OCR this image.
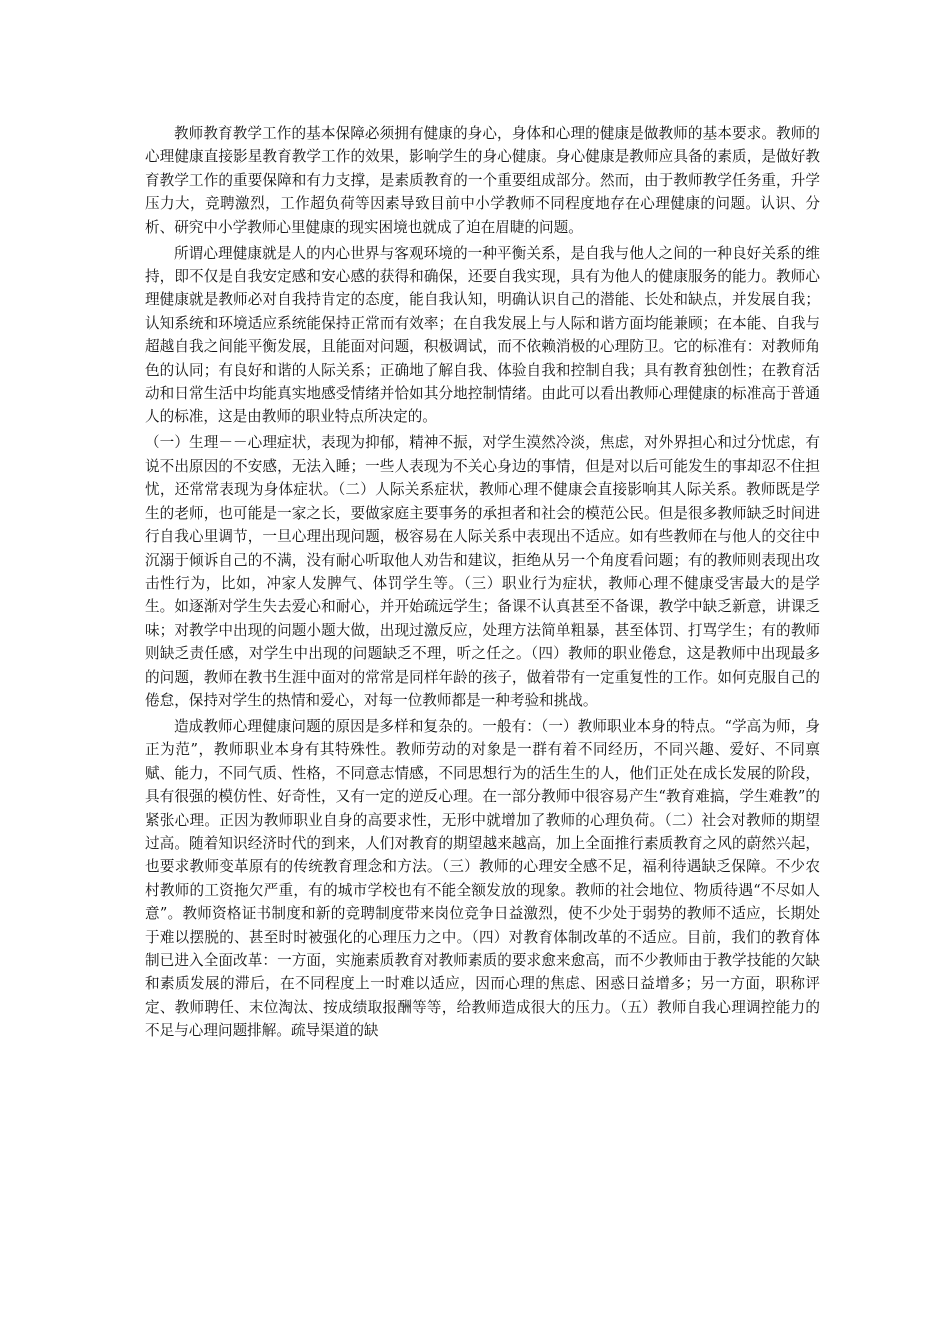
教师教育教学工作的基本保障必须拥有健康的身心，身体和心理的健康是做教师的基本要求。教师的心理健康直接影星教育教学工作的效果，影响学生的身心健康。身心健康是教师应具备的素质，是做好教育教学工作的重要保障和有力支撑，是素质教育的一个重要组成部分。然而，由于教师教学任务重，升学压力大，竞聘激烈，工作超负荷等因素导致目前中小学教师不同程度地存在心理健康的问题。认识、分析、研究中小学教师心里健康的现实困境也就成了迫在眉睫的问题。

所谓心理健康就是人的内心世界与客观环境的一种平衡关系，是自我与他人之间的一种良好关系的维持，即不仅是自我安定感和安心感的获得和确保，还要自我实现，具有为他人的健康服务的能力。教师心理健康就是教师必对自我持肯定的态度，能自我认知，明确认识自己的潜能、长处和缺点，并发展自我；认知系统和环境适应系统能保持正常而有效率；在自我发展上与人际和谐方面均能兼顾；在本能、自我与超越自我之间能平衡发展，且能面对问题，积极调试，而不依赖消极的心理防卫。它的标准有：对教师角色的认同；有良好和谐的人际关系；正确地了解自我、体验自我和控制自我；具有教育独创性；在教育活动和日常生活中均能真实地感受情绪并恰如其分地控制情绪。由此可以看出教师心理健康的标准高于普通人的标准，这是由教师的职业特点所决定的。

（一）生理－－心理症状，表现为抑郁，精神不振，对学生漠然冷淡，焦虑，对外界担心和过分忧虑，有说不出原因的不安感，无法入睡；一些人表现为不关心身边的事情，但是对以后可能发生的事却忍不住担忧，还常常表现为身体症状。（二）人际关系症状，教师心理不健康会直接影响其人际关系。教师既是学生的老师，也可能是一家之长，要做家庭主要事务的承担者和社会的模范公民。但是很多教师缺乏时间进行自我心里调节，一旦心理出现问题，极容易在人际关系中表现出不适应。如有些教师在与他人的交往中沉溺于倾诉自己的不满，没有耐心听取他人劝告和建议，拒绝从另一个角度看问题；有的教师则表现出攻击性行为，比如，冲家人发脾气、体罚学生等。（三）职业行为症状，教师心理不健康受害最大的是学生。如逐渐对学生失去爱心和耐心，并开始疏远学生；备课不认真甚至不备课，教学中缺乏新意，讲课乏味；对教学中出现的问题小题大做，出现过激反应，处理方法简单粗暴，甚至体罚、打骂学生；有的教师则缺乏责任感，对学生中出现的问题缺乏不理，听之任之。（四）教师的职业倦怠，这是教师中出现最多的问题，教师在教书生涯中面对的常常是同样年龄的孩子，做着带有一定重复性的工作。如何克服自己的倦怠，保持对学生的热情和爱心，对每一位教师都是一种考验和挑战。

造成教师心理健康问题的原因是多样和复杂的。一般有：（一）教师职业本身的特点。“学高为师，身正为范”，教师职业本身有其特殊性。教师劳动的对象是一群有着不同经历，不同兴趣、爱好、不同禀赋、能力，不同气质、性格，不同意志情感，不同思想行为的活生生的人，他们正处在成长发展的阶段，具有很强的模仿性、好奇性，又有一定的逆反心理。在一部分教师中很容易产生“教育难搞，学生难教”的紧张心理。正因为教师职业自身的高要求性，无形中就增加了教师的心理负荷。（二）社会对教师的期望过高。随着知识经济时代的到来，人们对教育的期望越来越高，加上全面推行素质教育之风的蔚然兴起，也要求教师变革原有的传统教育理念和方法。（三）教师的心理安全感不足，福利待遇缺乏保障。不少农村教师的工资拖欠严重，有的城市学校也有不能全额发放的现象。教师的社会地位、物质待遇“不尽如人意”。教师资格证书制度和新的竞聘制度带来岗位竞争日益激烈，使不少处于弱势的教师不适应，长期处于难以摆脱的、甚至时时被强化的心理压力之中。（四）对教育体制改革的不适应。目前，我们的教育体制已进入全面改革：一方面，实施素质教育对教师素质的要求愈来愈高，而不少教师由于教学技能的欠缺和素质发展的滞后，在不同程度上一时难以适应，因而心理的焦虑、困惑日益增多；另一方面，职称评定、教师聘任、末位淘汰、按成绩取报酬等等，给教师造成很大的压力。（五）教师自我心理调控能力的不足与心理问题排解。疏导渠道的缺
